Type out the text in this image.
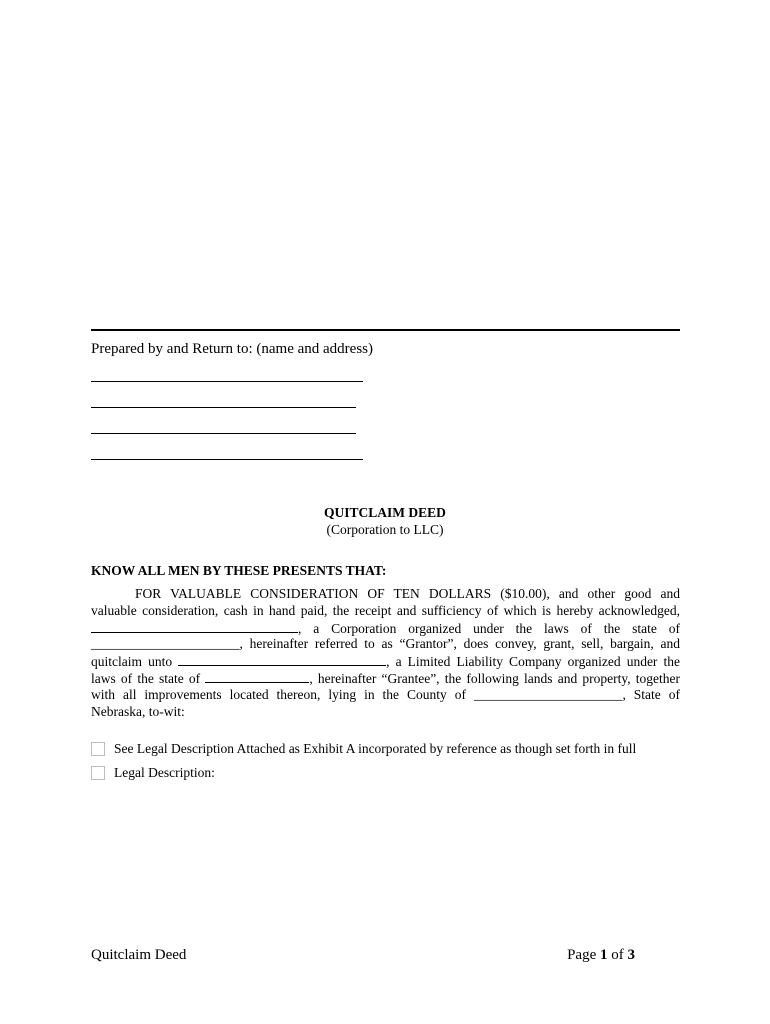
Prepared by and Return to: (name and address)
QUITCLAIM DEED
(Corporation to LLC)
KNOW ALL MEN BY THESE PRESENTS THAT:
FOR VALUABLE CONSIDERATION OF TEN DOLLARS ($10.00), and other good and
valuable consideration, cash in hand paid, the receipt and sufficiency of which is hereby acknowledged,
, a Corporation organized under the laws of the state of
______________________, hereinafter referred to as “Grantor”, does convey, grant, sell, bargain, and
quitclaim unto	, a Limited Liability Company organized under the
laws of the state of	, hereinafter “Grantee”, the following lands and property, together
with all improvements located thereon, lying in the County of ______________________, State of
Nebraska, to-wit:
See Legal Description Attached as Exhibit A incorporated by reference as though set forth in full
Legal Description:
Quitclaim Deed	Page 1 of 3
